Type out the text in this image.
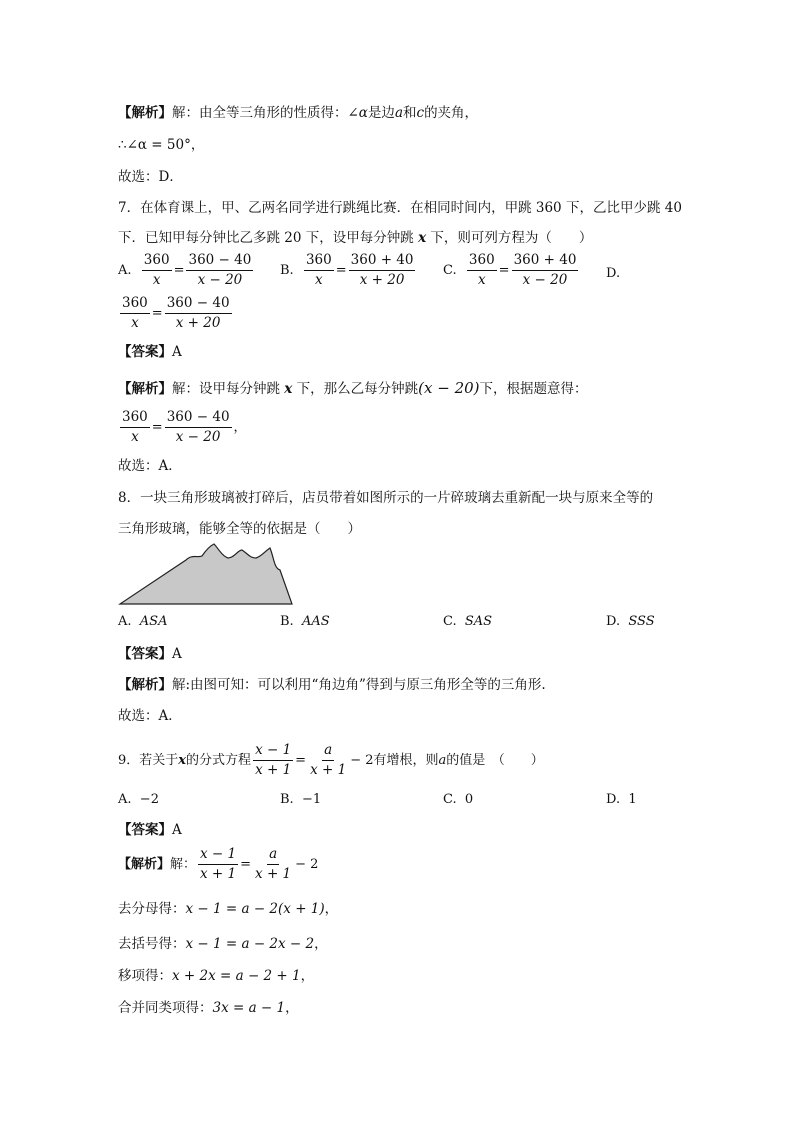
【解析】解：由全等三角形的性质得：∠α是边a和c的夹角，
∴∠α = 50°，
故选：D．
7．在体育课上，甲、乙两名同学进行跳绳比赛．在相同时间内，甲跳 360 下，乙比甲少跳 40
下．已知甲每分钟比乙多跳 20 下，设甲每分钟跳 x 下，则可列方程为（　　）
A.
$\frac{360}{x} = \frac{360 - 40}{x - 20} B$.
$\frac{360}{x} = \frac{360 + 40}{x + 20} C$.
$\frac{360}{x} = \frac{360 + 40}{x - 20} D$.
$\frac{360}{x} = \frac{360 - 40}{x + 20}$
【答案】A
【解析】解：设甲每分钟跳 x 下，那么乙每分钟跳(x − 20)下，根据题意得：
$\frac{360}{x} = \frac{360 - 40}{x - 20}$ ，
故选：A．
8．一块三角形玻璃被打碎后，店员带着如图所示的一片碎玻璃去重新配一块与原来全等的
三角形玻璃，能够全等的依据是（　　）
A. ASA	B. AAS	C. SAS	D. SSS
【答案】A
【解析】解:由图可知：可以利用“角边角”得到与原三角形全等的三角形.
故选：A．
9．若关于 x 的分式方程 $\frac{x - 1}{x + 1} = \frac{a}{x + 1} - 2$ 有增根，则 a 的值是　（　　）
A. −2	B. −1	C. 0	D. 1
【答案】A
【解析】 解： $\frac{x - 1}{x + 1} = \frac{a}{x + 1} - 2$
去分母得：x − 1 = a − 2(x + 1)，
去括号得：x − 1 = a − 2x − 2，
移项得：x + 2x = a − 2 + 1，
合并同类项得：3x = a − 1，
